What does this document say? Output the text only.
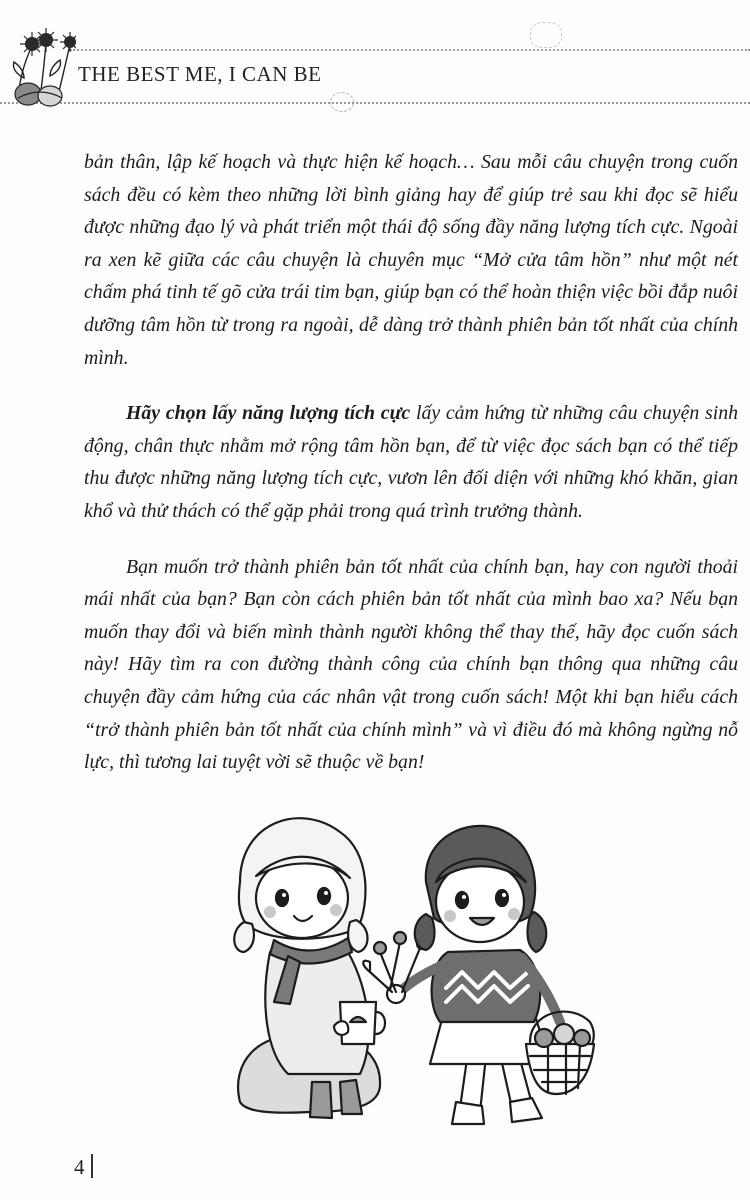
THE BEST ME, I CAN BE

bản thân, lập kế hoạch và thực hiện kế hoạch… Sau mỗi câu chuyện trong cuốn sách đều có kèm theo những lời bình giảng hay để giúp trẻ sau khi đọc sẽ hiểu được những đạo lý và phát triển một thái độ sống đầy năng lượng tích cực. Ngoài ra xen kẽ giữa các câu chuyện là chuyên mục “Mở cửa tâm hồn” như một nét chấm phá tinh tế gõ cửa trái tim bạn, giúp bạn có thể hoàn thiện việc bồi đắp nuôi dưỡng tâm hồn từ trong ra ngoài, dễ dàng trở thành phiên bản tốt nhất của chính mình.

Hãy chọn lấy năng lượng tích cực lấy cảm hứng từ những câu chuyện sinh động, chân thực nhằm mở rộng tâm hồn bạn, để từ việc đọc sách bạn có thể tiếp thu được những năng lượng tích cực, vươn lên đối diện với những khó khăn, gian khổ và thử thách có thể gặp phải trong quá trình trưởng thành.

Bạn muốn trở thành phiên bản tốt nhất của chính bạn, hay con người thoải mái nhất của bạn? Bạn còn cách phiên bản tốt nhất của mình bao xa? Nếu bạn muốn thay đổi và biến mình thành người không thể thay thế, hãy đọc cuốn sách này! Hãy tìm ra con đường thành công của chính bạn thông qua những câu chuyện đầy cảm hứng của các nhân vật trong cuốn sách! Một khi bạn hiểu cách “trở thành phiên bản tốt nhất của chính mình” và vì điều đó mà không ngừng nỗ lực, thì tương lai tuyệt vời sẽ thuộc về bạn!

4
